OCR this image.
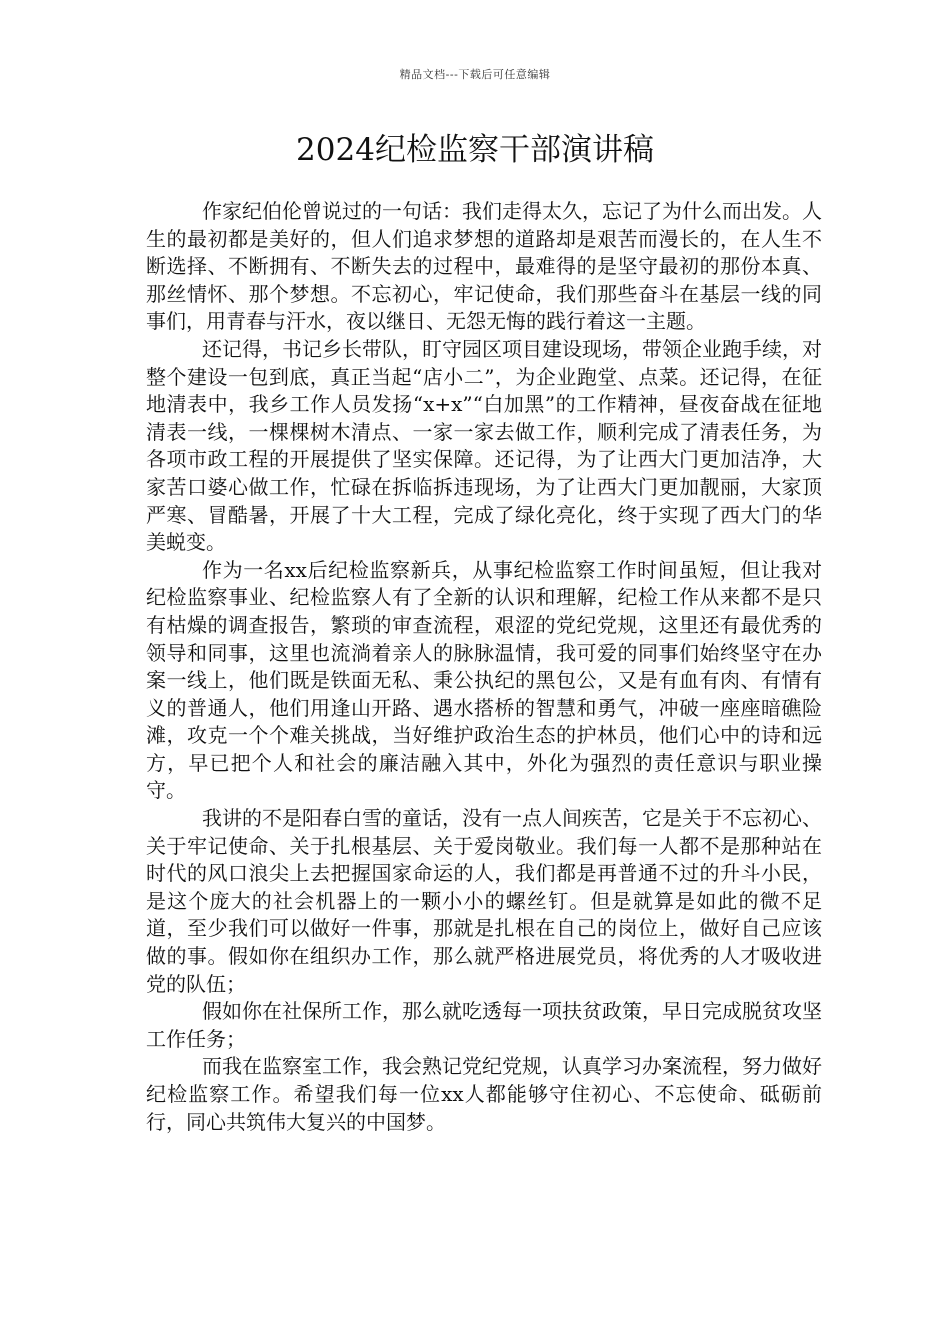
精品文档---下载后可任意编辑
2024纪检监察干部演讲稿

作家纪伯伦曾说过的一句话：我们走得太久，忘记了为什么而出发。人生的最初都是美好的，但人们追求梦想的道路却是艰苦而漫长的，在人生不断选择、不断拥有、不断失去的过程中，最难得的是坚守最初的那份本真、那丝情怀、那个梦想。不忘初心，牢记使命，我们那些奋斗在基层一线的同事们，用青春与汗水，夜以继日、无怨无悔的践行着这一主题。

还记得，书记乡长带队，盯守园区项目建设现场，带领企业跑手续，对整个建设一包到底，真正当起“店小二”，为企业跑堂、点菜。还记得，在征地清表中，我乡工作人员发扬“x+x”“白加黑”的工作精神，昼夜奋战在征地清表一线，一棵棵树木清点、一家一家去做工作，顺利完成了清表任务，为各项市政工程的开展提供了坚实保障。还记得，为了让西大门更加洁净，大家苦口婆心做工作，忙碌在拆临拆违现场，为了让西大门更加靓丽，大家顶严寒、冒酷暑，开展了十大工程，完成了绿化亮化，终于实现了西大门的华美蜕变。

作为一名xx后纪检监察新兵，从事纪检监察工作时间虽短，但让我对纪检监察事业、纪检监察人有了全新的认识和理解，纪检工作从来都不是只有枯燥的调查报告，繁琐的审查流程，艰涩的党纪党规，这里还有最优秀的领导和同事，这里也流淌着亲人的脉脉温情，我可爱的同事们始终坚守在办案一线上，他们既是铁面无私、秉公执纪的黑包公，又是有血有肉、有情有义的普通人，他们用逢山开路、遇水搭桥的智慧和勇气，冲破一座座暗礁险滩，攻克一个个难关挑战，当好维护政治生态的护林员，他们心中的诗和远方，早已把个人和社会的廉洁融入其中，外化为强烈的责任意识与职业操守。

我讲的不是阳春白雪的童话，没有一点人间疾苦，它是关于不忘初心、关于牢记使命、关于扎根基层、关于爱岗敬业。我们每一人都不是那种站在时代的风口浪尖上去把握国家命运的人，我们都是再普通不过的升斗小民，是这个庞大的社会机器上的一颗小小的螺丝钉。但是就算是如此的微不足道，至少我们可以做好一件事，那就是扎根在自己的岗位上，做好自己应该做的事。假如你在组织办工作，那么就严格进展党员，将优秀的人才吸收进党的队伍；

假如你在社保所工作，那么就吃透每一项扶贫政策，早日完成脱贫攻坚工作任务；

而我在监察室工作，我会熟记党纪党规，认真学习办案流程，努力做好纪检监察工作。希望我们每一位xx人都能够守住初心、不忘使命、砥砺前行，同心共筑伟大复兴的中国梦。
